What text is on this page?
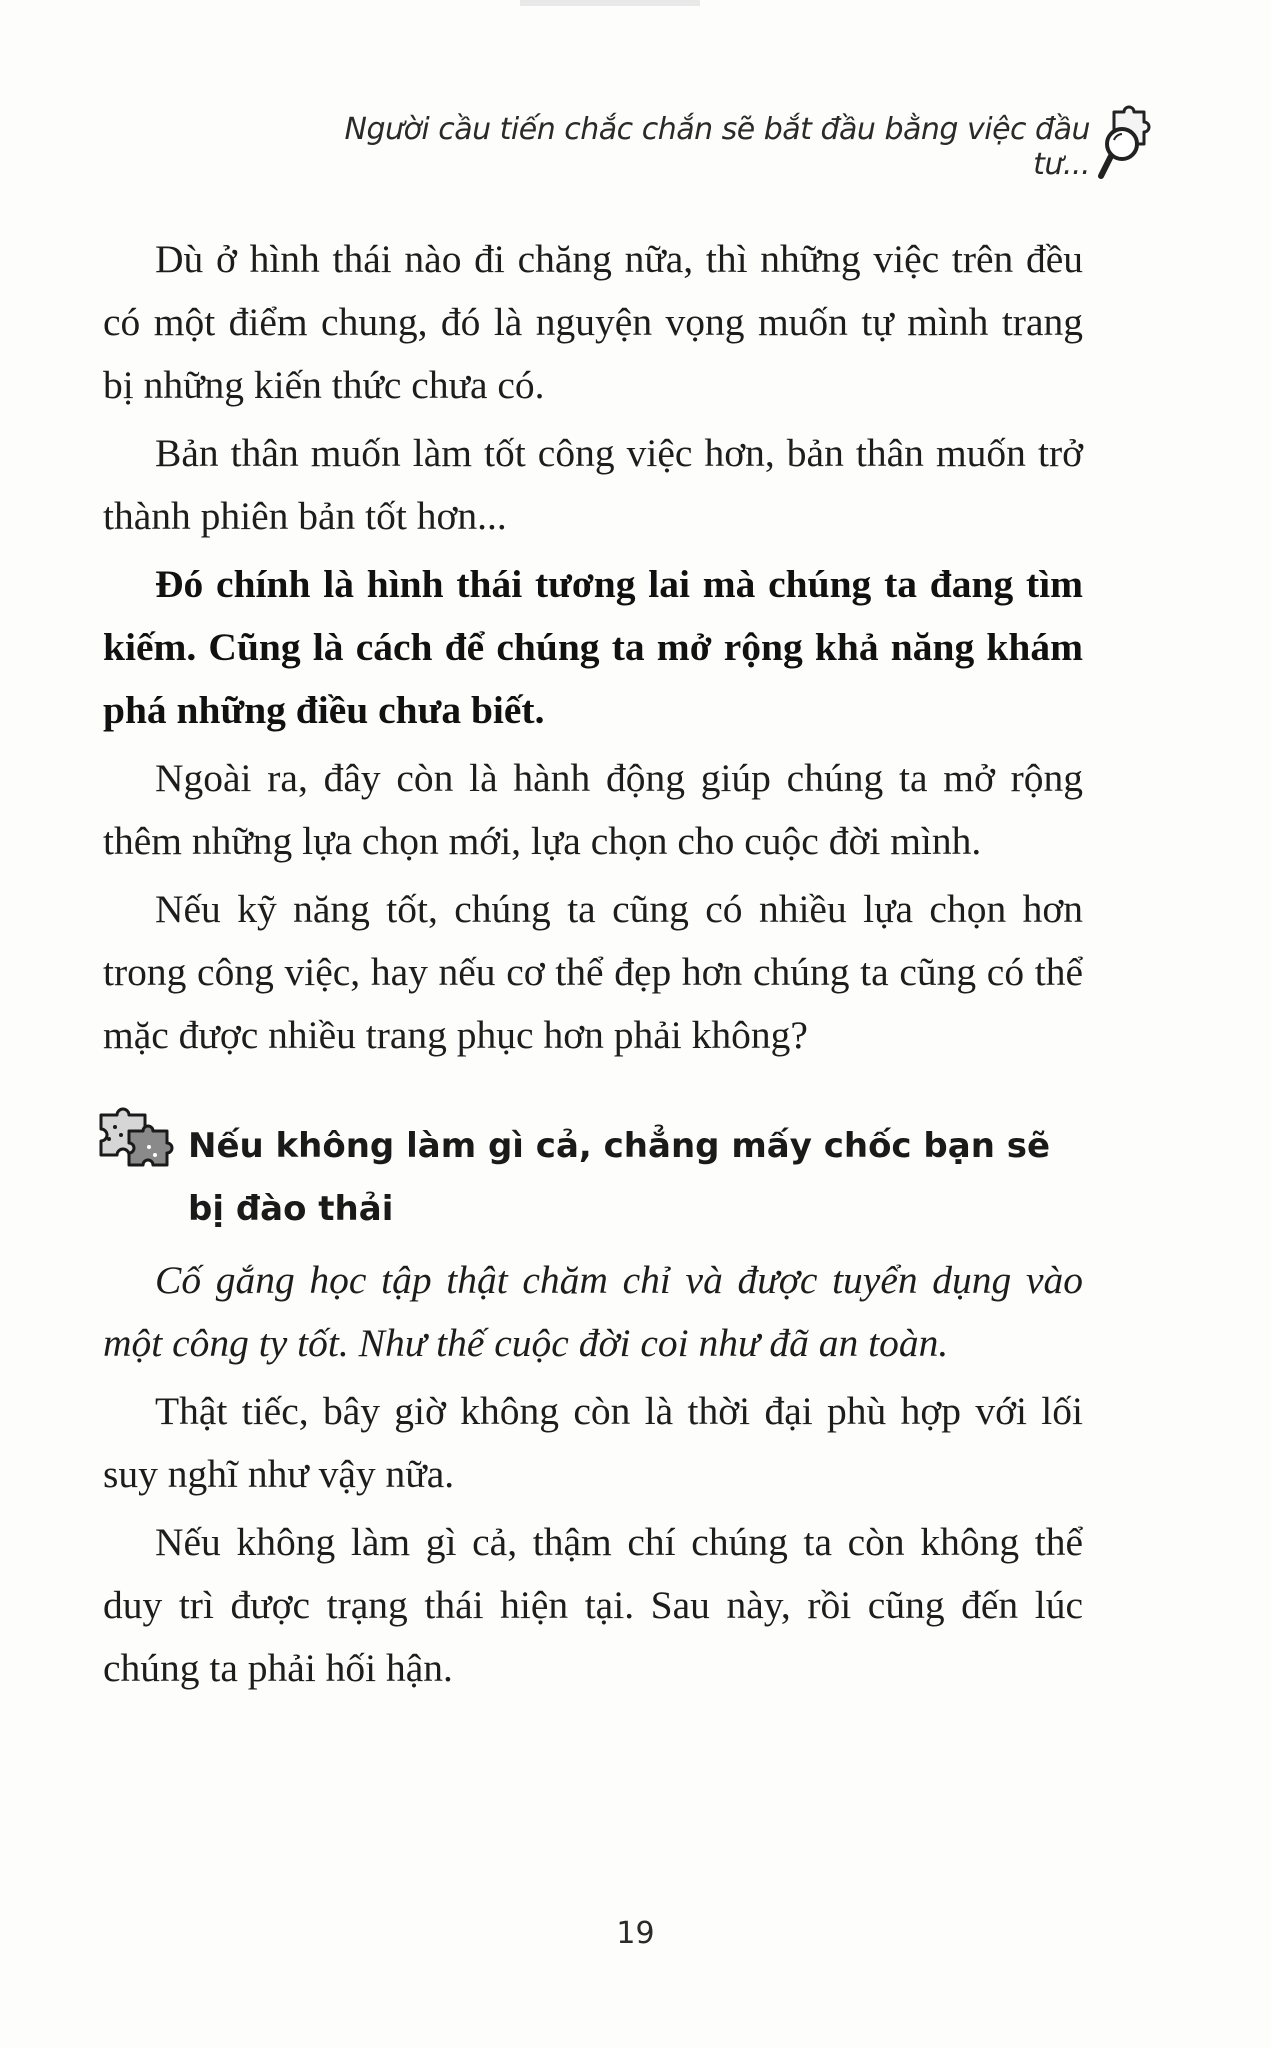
Người cầu tiến chắc chắn sẽ bắt đầu bằng việc đầu tư...

Dù ở hình thái nào đi chăng nữa, thì những việc trên đều có một điểm chung, đó là nguyện vọng muốn tự mình trang bị những kiến thức chưa có.

Bản thân muốn làm tốt công việc hơn, bản thân muốn trở thành phiên bản tốt hơn...

Đó chính là hình thái tương lai mà chúng ta đang tìm kiếm. Cũng là cách để chúng ta mở rộng khả năng khám phá những điều chưa biết.

Ngoài ra, đây còn là hành động giúp chúng ta mở rộng thêm những lựa chọn mới, lựa chọn cho cuộc đời mình.

Nếu kỹ năng tốt, chúng ta cũng có nhiều lựa chọn hơn trong công việc, hay nếu cơ thể đẹp hơn chúng ta cũng có thể mặc được nhiều trang phục hơn phải không?

Nếu không làm gì cả, chẳng mấy chốc bạn sẽ bị đào thải

Cố gắng học tập thật chăm chỉ và được tuyển dụng vào một công ty tốt. Như thế cuộc đời coi như đã an toàn.

Thật tiếc, bây giờ không còn là thời đại phù hợp với lối suy nghĩ như vậy nữa.

Nếu không làm gì cả, thậm chí chúng ta còn không thể duy trì được trạng thái hiện tại. Sau này, rồi cũng đến lúc chúng ta phải hối hận.

19
